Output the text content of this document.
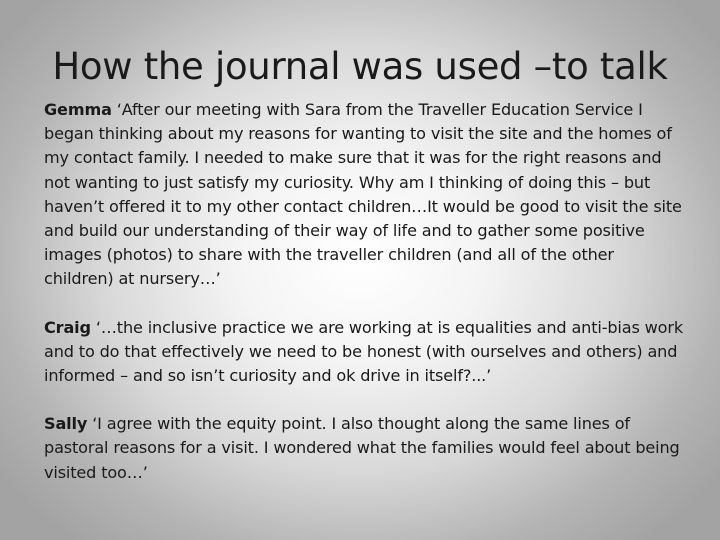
How the journal was used –to talk

Gemma ‘After our meeting with Sara from the Traveller Education Service I began thinking about my reasons for wanting to visit the site and the homes of my contact family. I needed to make sure that it was for the right reasons and not wanting to just satisfy my curiosity. Why am I thinking of doing this – but haven’t offered it to my other contact children…It would be good to visit the site and build our understanding of their way of life and to gather some positive images (photos) to share with the traveller children (and all of the other children) at nursery…’

Craig ‘…the inclusive practice we are working at is equalities and anti-bias work and to do that effectively we need to be honest (with ourselves and others) and informed – and so isn’t curiosity and ok drive in itself?...’

Sally ‘I agree with the equity point. I also thought along the same lines of pastoral reasons for a visit. I wondered what the families would feel about being visited too…’
